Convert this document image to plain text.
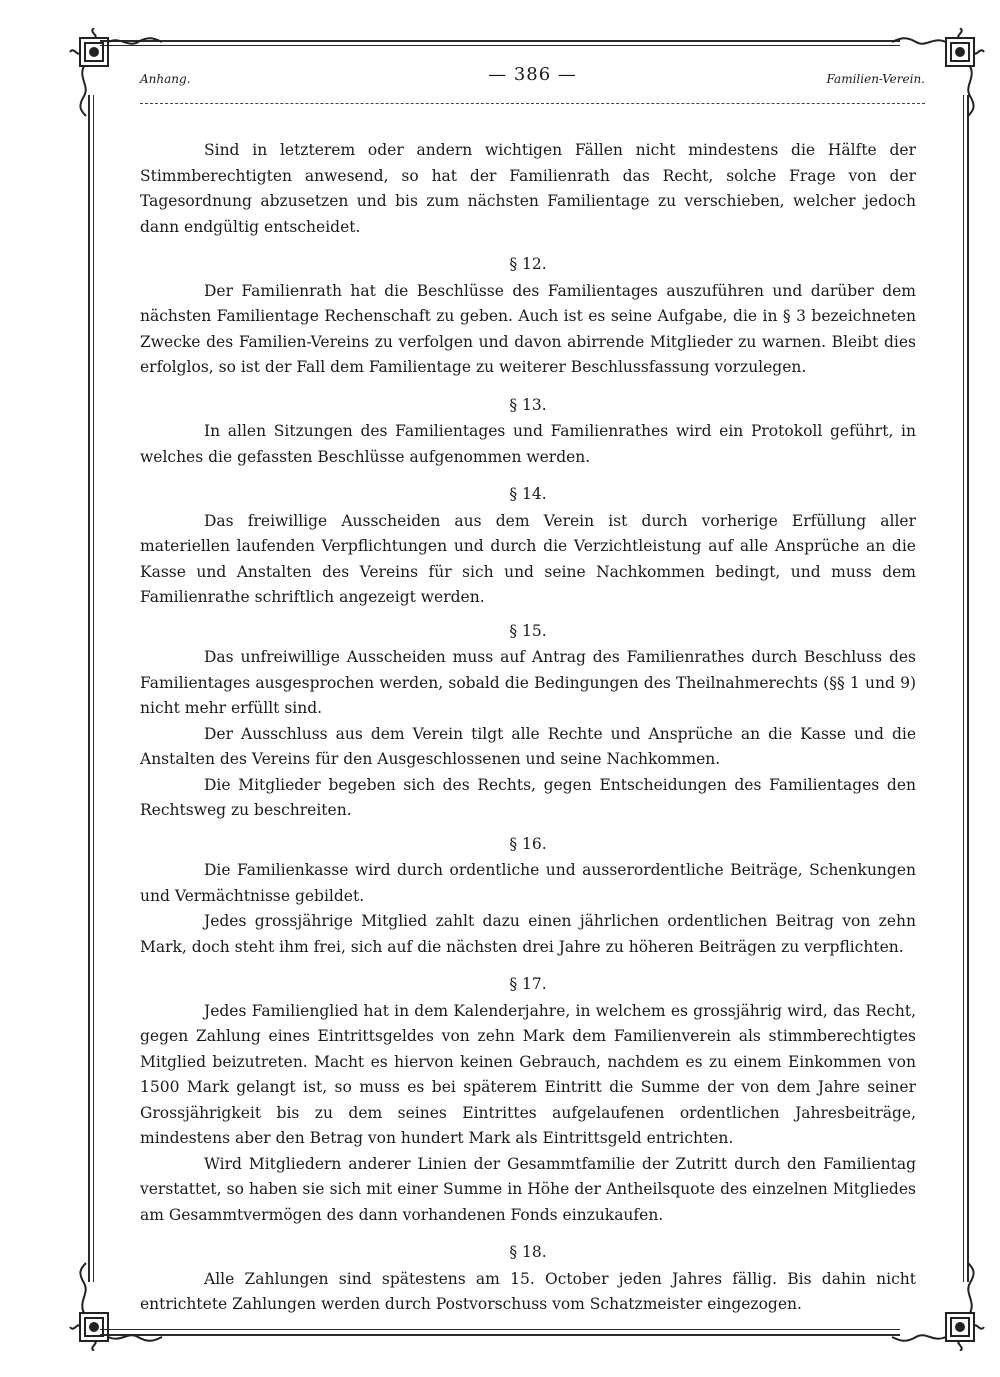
Anhang.	— 386 —	Familien-Verein.

Sind in letzterem oder andern wichtigen Fällen nicht mindestens die Hälfte der Stimmberechtigten anwesend, so hat der Familienrath das Recht, solche Frage von der Tagesordnung abzusetzen und bis zum nächsten Familientage zu verschieben, welcher jedoch dann endgültig entscheidet.

§ 12.

Der Familienrath hat die Beschlüsse des Familientages auszuführen und darüber dem nächsten Familientage Rechenschaft zu geben. Auch ist es seine Aufgabe, die in § 3 bezeichneten Zwecke des Familien-Vereins zu verfolgen und davon abirrende Mitglieder zu warnen. Bleibt dies erfolglos, so ist der Fall dem Familientage zu weiterer Beschlussfassung vorzulegen.

§ 13.

In allen Sitzungen des Familientages und Familienrathes wird ein Protokoll geführt, in welches die gefassten Beschlüsse aufgenommen werden.

§ 14.

Das freiwillige Ausscheiden aus dem Verein ist durch vorherige Erfüllung aller materiellen laufenden Verpflichtungen und durch die Verzichtleistung auf alle Ansprüche an die Kasse und Anstalten des Vereins für sich und seine Nachkommen bedingt, und muss dem Familienrathe schriftlich angezeigt werden.

§ 15.

Das unfreiwillige Ausscheiden muss auf Antrag des Familienrathes durch Beschluss des Familientages ausgesprochen werden, sobald die Bedingungen des Theilnahmerechts (§§ 1 und 9) nicht mehr erfüllt sind.

Der Ausschluss aus dem Verein tilgt alle Rechte und Ansprüche an die Kasse und die Anstalten des Vereins für den Ausgeschlossenen und seine Nachkommen.

Die Mitglieder begeben sich des Rechts, gegen Entscheidungen des Familientages den Rechtsweg zu beschreiten.

§ 16.

Die Familienkasse wird durch ordentliche und ausserordentliche Beiträge, Schenkungen und Vermächtnisse gebildet.

Jedes grossjährige Mitglied zahlt dazu einen jährlichen ordentlichen Beitrag von zehn Mark, doch steht ihm frei, sich auf die nächsten drei Jahre zu höheren Beiträgen zu verpflichten.

§ 17.

Jedes Familienglied hat in dem Kalenderjahre, in welchem es grossjährig wird, das Recht, gegen Zahlung eines Eintrittsgeldes von zehn Mark dem Familienverein als stimmberechtigtes Mitglied beizutreten. Macht es hiervon keinen Gebrauch, nachdem es zu einem Einkommen von 1500 Mark gelangt ist, so muss es bei späterem Eintritt die Summe der von dem Jahre seiner Grossjährigkeit bis zu dem seines Eintrittes aufgelaufenen ordentlichen Jahresbeiträge, mindestens aber den Betrag von hundert Mark als Eintrittsgeld entrichten.

Wird Mitgliedern anderer Linien der Gesammtfamilie der Zutritt durch den Familientag verstattet, so haben sie sich mit einer Summe in Höhe der Antheilsquote des einzelnen Mitgliedes am Gesammtvermögen des dann vorhandenen Fonds einzukaufen.

§ 18.

Alle Zahlungen sind spätestens am 15. October jeden Jahres fällig. Bis dahin nicht entrichtete Zahlungen werden durch Postvorschuss vom Schatzmeister eingezogen.
